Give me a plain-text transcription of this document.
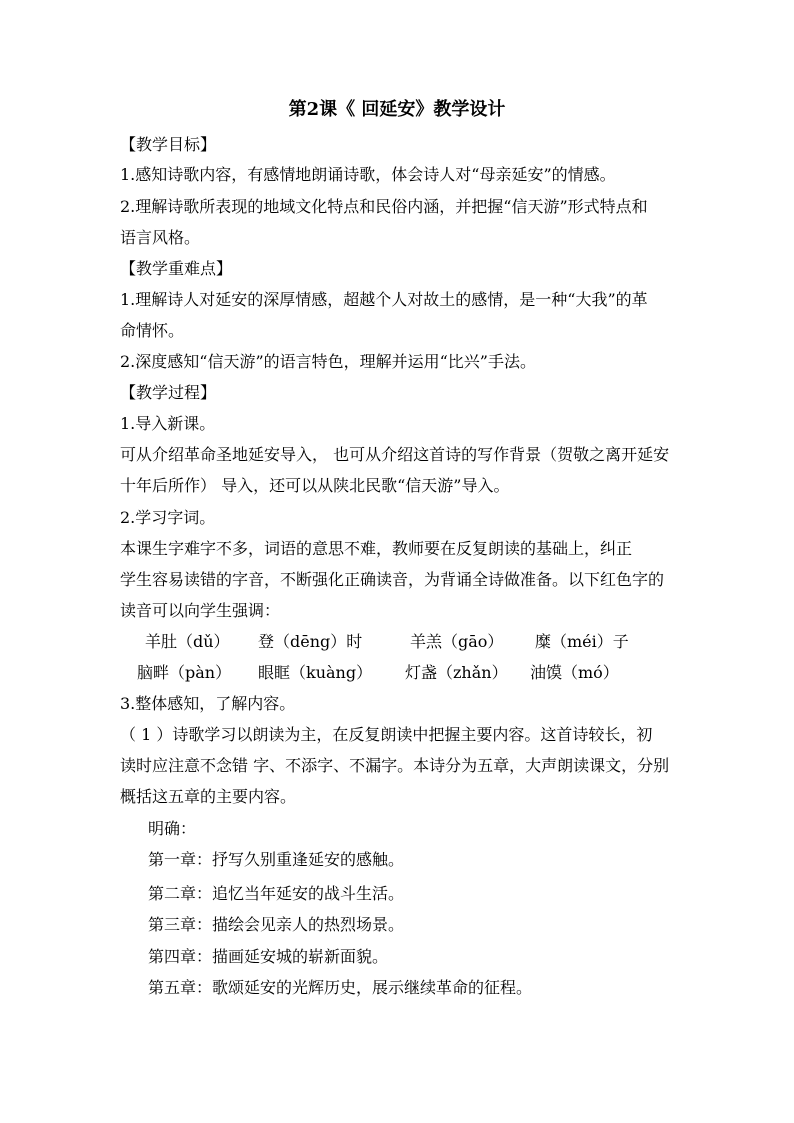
第2课《 回延安》教学设计
【教学目标】
1.感知诗歌内容，有感情地朗诵诗歌，体会诗人对“母亲延安”的情感。
2.理解诗歌所表现的地域文化特点和民俗内涵，并把握“信天游”形式特点和
语言风格。
【教学重难点】
1.理解诗人对延安的深厚情感，超越个人对故土的感情，是一种“大我”的革
命情怀。
2.深度感知“信天游”的语言特色，理解并运用“比兴”手法。
【教学过程】
1.导入新课。
可从介绍革命圣地延安导入， 也可从介绍这首诗的写作背景（贺敬之离开延安
十年后所作） 导入，还可以从陕北民歌“信天游”导入。
2.学习字词。
本课生字难字不多，词语的意思不难，教师要在反复朗读的基础上，纠正
学生容易读错的字音，不断强化正确读音，为背诵全诗做准备。以下红色字的
读音可以向学生强调：
羊肚（dǔ） 登（dēng）时	羊羔（gāo） 糜（méi）子
脑畔（pàn） 眼眶（kuàng） 灯盏（zhǎn） 油馍（mó）
3.整体感知，了解内容。
（ 1 ）诗歌学习以朗读为主，在反复朗读中把握主要内容。这首诗较长，初
读时应注意不念错 字、不添字、不漏字。本诗分为五章，大声朗读课文，分别
概括这五章的主要内容。
明确：
第一章：抒写久别重逢延安的感触。
第二章：追忆当年延安的战斗生活。
第三章：描绘会见亲人的热烈场景。
第四章：描画延安城的崭新面貌。
第五章：歌颂延安的光辉历史，展示继续革命的征程。
